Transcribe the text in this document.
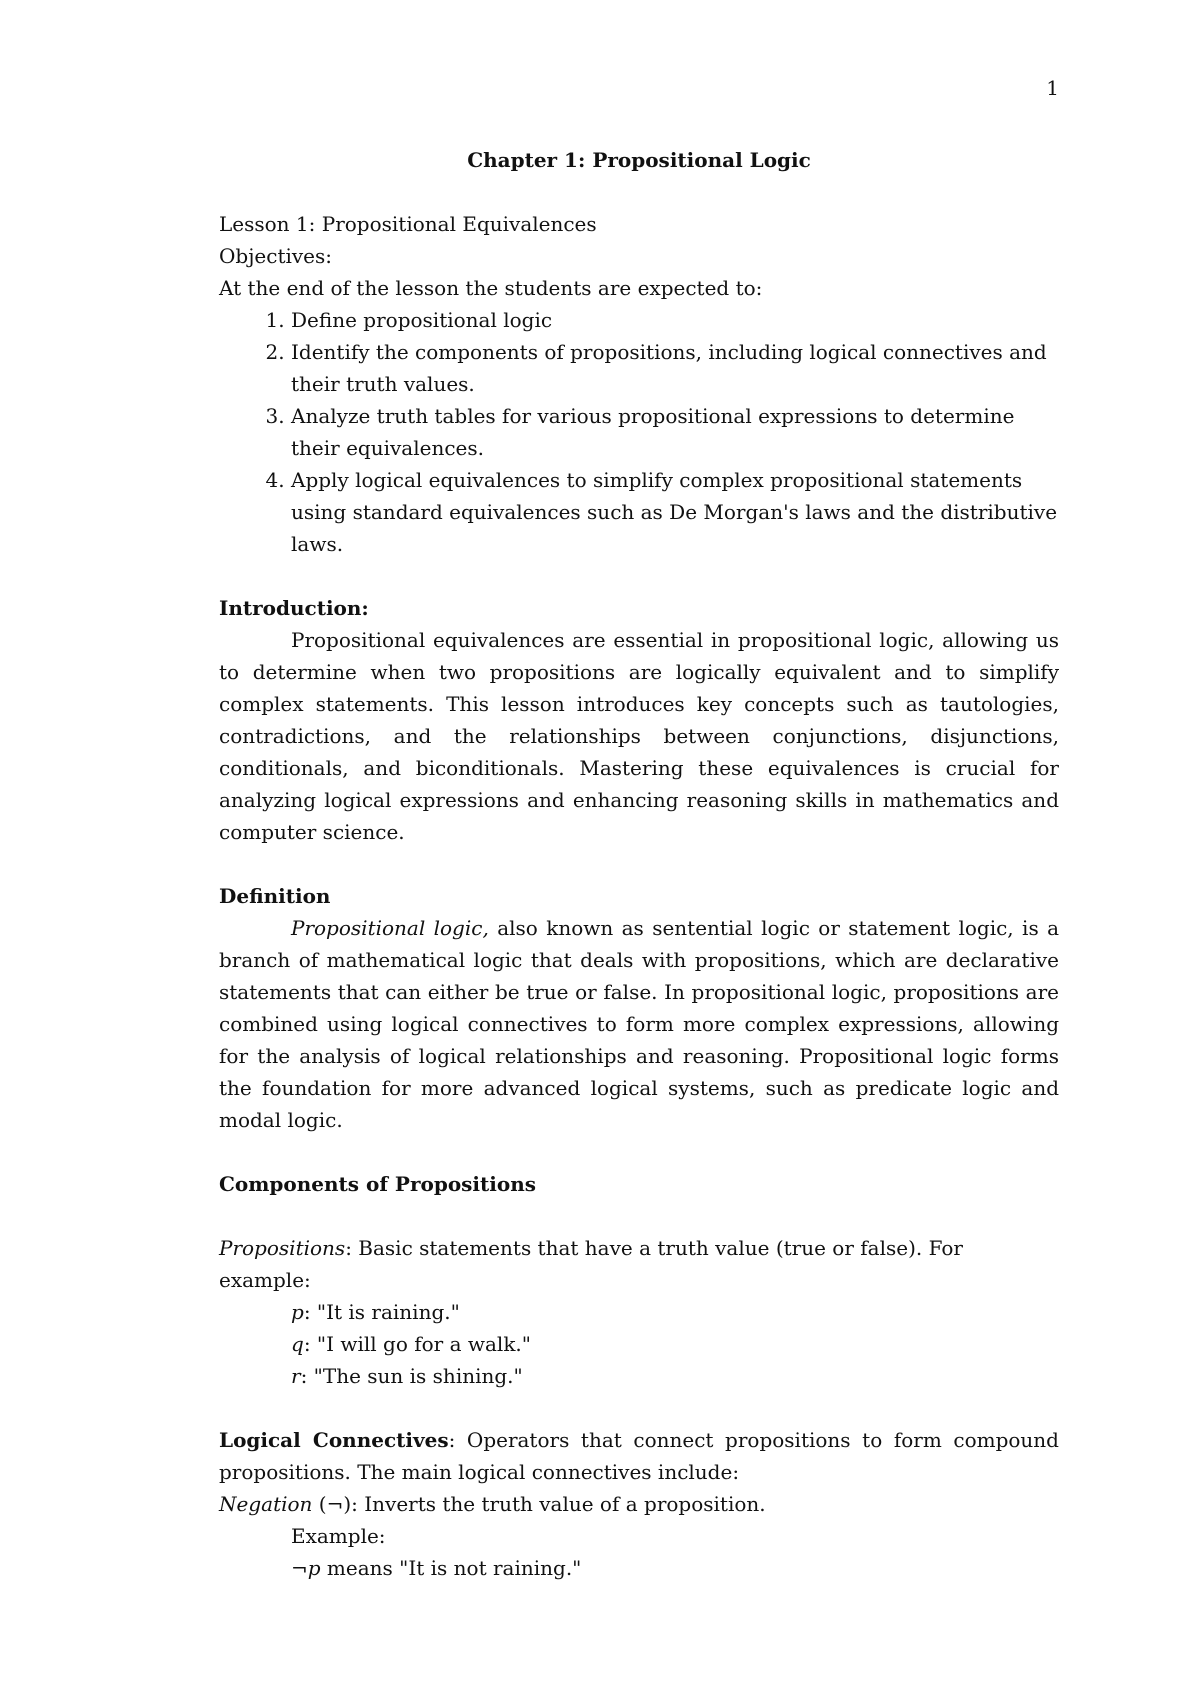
1

Chapter 1: Propositional Logic

Lesson 1: Propositional Equivalences

Objectives:

At the end of the lesson the students are expected to:

1. Define propositional logic
2. Identify the components of propositions, including logical connectives and their truth values.
3. Analyze truth tables for various propositional expressions to determine their equivalences.
4. Apply logical equivalences to simplify complex propositional statements using standard equivalences such as De Morgan's laws and the distributive laws.

Introduction:

Propositional equivalences are essential in propositional logic, allowing us to determine when two propositions are logically equivalent and to simplify complex statements. This lesson introduces key concepts such as tautologies, contradictions, and the relationships between conjunctions, disjunctions, conditionals, and biconditionals. Mastering these equivalences is crucial for analyzing logical expressions and enhancing reasoning skills in mathematics and computer science.

Definition

Propositional logic, also known as sentential logic or statement logic, is a branch of mathematical logic that deals with propositions, which are declarative statements that can either be true or false. In propositional logic, propositions are combined using logical connectives to form more complex expressions, allowing for the analysis of logical relationships and reasoning. Propositional logic forms the foundation for more advanced logical systems, such as predicate logic and modal logic.

Components of Propositions

Propositions: Basic statements that have a truth value (true or false). For example:

p: "It is raining."

q: "I will go for a walk."

r: "The sun is shining."

Logical Connectives: Operators that connect propositions to form compound propositions. The main logical connectives include:

Negation (¬): Inverts the truth value of a proposition.

Example:

¬p means "It is not raining."
